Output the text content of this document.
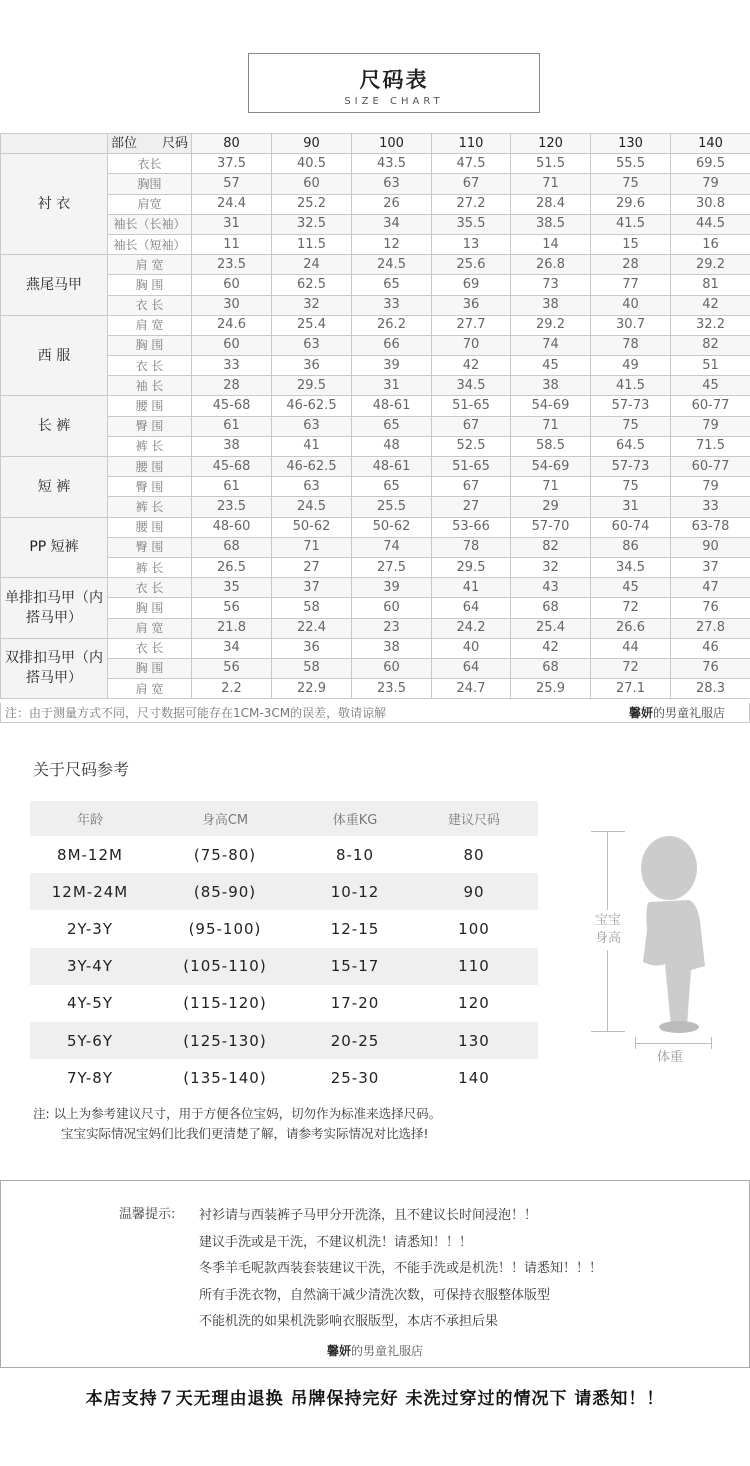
尺码表
SIZE CHART

	部位 尺码	80	90	100	110	120	130	140
衬 衣	衣长	37.5	40.5	43.5	47.5	51.5	55.5	69.5
	胸围	57	60	63	67	71	75	79
	肩宽	24.4	25.2	26	27.2	28.4	29.6	30.8
	袖长（长袖）	31	32.5	34	35.5	38.5	41.5	44.5
	袖长（短袖）	11	11.5	12	13	14	15	16
燕尾马甲	肩 宽	23.5	24	24.5	25.6	26.8	28	29.2
	胸 围	60	62.5	65	69	73	77	81
	衣 长	30	32	33	36	38	40	42
西 服	肩 宽	24.6	25.4	26.2	27.7	29.2	30.7	32.2
	胸 围	60	63	66	70	74	78	82
	衣 长	33	36	39	42	45	49	51
	袖 长	28	29.5	31	34.5	38	41.5	45
长 裤	腰 围	45-68	46-62.5	48-61	51-65	54-69	57-73	60-77
	臀 围	61	63	65	67	71	75	79
	裤 长	38	41	48	52.5	58.5	64.5	71.5
短 裤	腰 围	45-68	46-62.5	48-61	51-65	54-69	57-73	60-77
	臀 围	61	63	65	67	71	75	79
	裤 长	23.5	24.5	25.5	27	29	31	33
PP 短裤	腰 围	48-60	50-62	50-62	53-66	57-70	60-74	63-78
	臀 围	68	71	74	78	82	86	90
	裤 长	26.5	27	27.5	29.5	32	34.5	37
单排扣马甲（内搭马甲）	衣 长	35	37	39	41	43	45	47
	胸 围	56	58	60	64	68	72	76
	肩 宽	21.8	22.4	23	24.2	25.4	26.6	27.8
双排扣马甲（内搭马甲）	衣 长	34	36	38	40	42	44	46
	胸 围	56	58	60	64	68	72	76
	肩 宽	2.2	22.9	23.5	24.7	25.9	27.1	28.3
注：由于测量方式不同，尺寸数据可能存在1CM-3CM的误差，敬请谅解	馨妍的男童礼服店
关于尺码参考
年龄	身高CM	体重KG	建议尺码
8M-12M	(75-80)	8-10	80
12M-24M	(85-90)	10-12	90
2Y-3Y	(95-100)	12-15	100
3Y-4Y	(105-110)	15-17	110
4Y-5Y	(115-120)	17-20	120
5Y-6Y	(125-130)	20-25	130
7Y-8Y	(135-140)	25-30	140
宝宝
身高
体重
注: 以上为参考建议尺寸，用于方便各位宝妈，切勿作为标准来选择尺码。
宝宝实际情况宝妈们比我们更清楚了解，请参考实际情况对比选择!
温馨提示: 衬衫请与西装裤子马甲分开洗涤，且不建议长时间浸泡！！
建议手洗或是干洗，不建议机洗！请悉知！！！
冬季羊毛呢款西装套装建议干洗，不能手洗或是机洗！！请悉知！！！
所有手洗衣物，自然滴干减少清洗次数，可保持衣服整体版型
不能机洗的如果机洗影响衣服版型，本店不承担后果
馨妍的男童礼服店
本店支持７天无理由退换 吊牌保持完好 未洗过穿过的情况下 请悉知！！
